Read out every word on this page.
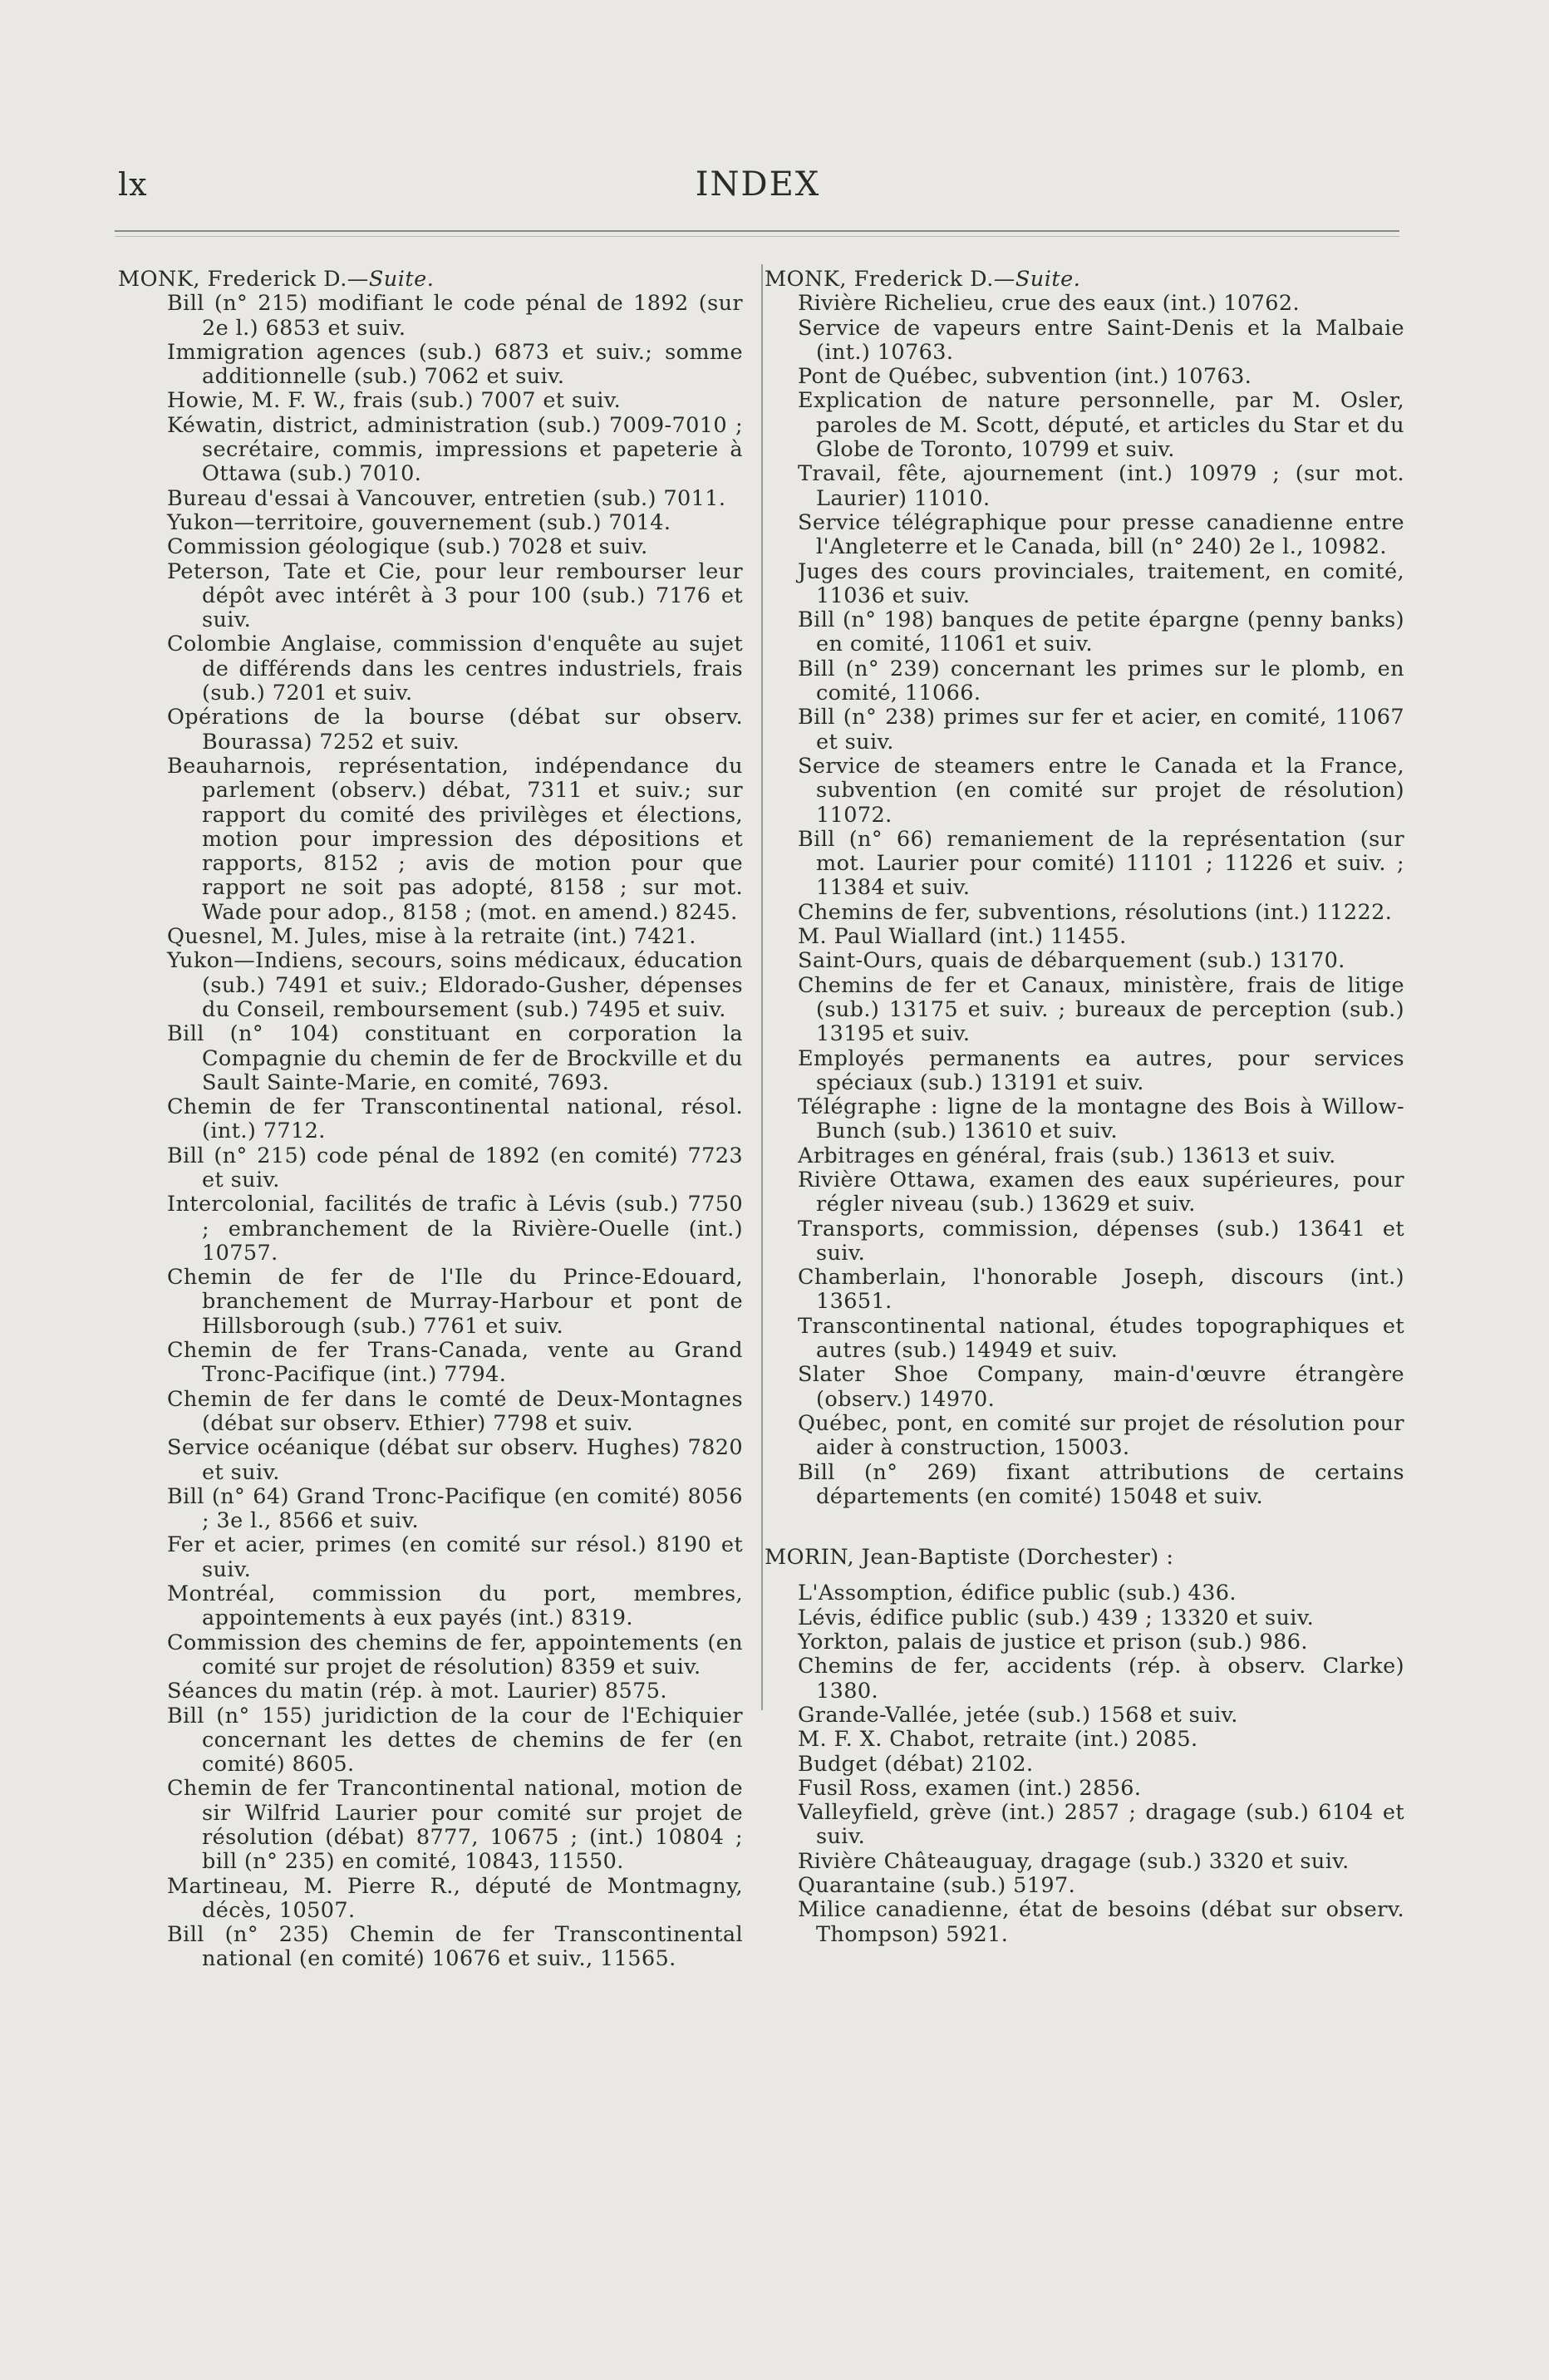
lx	INDEX

MONK, Frederick D.—Suite.

Bill (n° 215) modifiant le code pénal de 1892 (sur 2e l.) 6853 et suiv.
Immigration agences (sub.) 6873 et suiv.; somme additionnelle (sub.) 7062 et suiv.
Howie, M. F. W., frais (sub.) 7007 et suiv.
Kéwatin, district, administration (sub.) 7009-7010 ; secrétaire, commis, impressions et papeterie à Ottawa (sub.) 7010.
Bureau d'essai à Vancouver, entretien (sub.) 7011.
Yukon—territoire, gouvernement (sub.) 7014.
Commission géologique (sub.) 7028 et suiv.
Peterson, Tate et Cie, pour leur rembourser leur dépôt avec intérêt à 3 pour 100 (sub.) 7176 et suiv.
Colombie Anglaise, commission d'enquête au sujet de différends dans les centres industriels, frais (sub.) 7201 et suiv.
Opérations de la bourse (débat sur observ. Bourassa) 7252 et suiv.
Beauharnois, représentation, indépendance du parlement (observ.) débat, 7311 et suiv.; sur rapport du comité des privilèges et élections, motion pour impression des dépositions et rapports, 8152 ; avis de motion pour que rapport ne soit pas adopté, 8158 ; sur mot. Wade pour adop., 8158 ; (mot. en amend.) 8245.
Quesnel, M. Jules, mise à la retraite (int.) 7421.
Yukon—Indiens, secours, soins médicaux, éducation (sub.) 7491 et suiv.; Eldorado-Gusher, dépenses du Conseil, remboursement (sub.) 7495 et suiv.
Bill (n° 104) constituant en corporation la Compagnie du chemin de fer de Brockville et du Sault Sainte-Marie, en comité, 7693.
Chemin de fer Transcontinental national, résol. (int.) 7712.
Bill (n° 215) code pénal de 1892 (en comité) 7723 et suiv.
Intercolonial, facilités de trafic à Lévis (sub.) 7750 ; embranchement de la Rivière-Ouelle (int.) 10757.
Chemin de fer de l'Ile du Prince-Edouard, branchement de Murray-Harbour et pont de Hillsborough (sub.) 7761 et suiv.
Chemin de fer Trans-Canada, vente au Grand Tronc-Pacifique (int.) 7794.
Chemin de fer dans le comté de Deux-Montagnes (débat sur observ. Ethier) 7798 et suiv.
Service océanique (débat sur observ. Hughes) 7820 et suiv.
Bill (n° 64) Grand Tronc-Pacifique (en comité) 8056 ; 3e l., 8566 et suiv.
Fer et acier, primes (en comité sur résol.) 8190 et suiv.
Montréal, commission du port, membres, appointements à eux payés (int.) 8319.
Commission des chemins de fer, appointements (en comité sur projet de résolution) 8359 et suiv.
Séances du matin (rép. à mot. Laurier) 8575.
Bill (n° 155) juridiction de la cour de l'Echiquier concernant les dettes de chemins de fer (en comité) 8605.
Chemin de fer Trancontinental national, motion de sir Wilfrid Laurier pour comité sur projet de résolution (débat) 8777, 10675 ; (int.) 10804 ; bill (n° 235) en comité, 10843, 11550.
Martineau, M. Pierre R., député de Montmagny, décès, 10507.
Bill (n° 235) Chemin de fer Transcontinental national (en comité) 10676 et suiv., 11565.

MONK, Frederick D.—Suite.

Rivière Richelieu, crue des eaux (int.) 10762.
Service de vapeurs entre Saint-Denis et la Malbaie (int.) 10763.
Pont de Québec, subvention (int.) 10763.
Explication de nature personnelle, par M. Osler, paroles de M. Scott, député, et articles du Star et du Globe de Toronto, 10799 et suiv.
Travail, fête, ajournement (int.) 10979 ; (sur mot. Laurier) 11010.
Service télégraphique pour presse canadienne entre l'Angleterre et le Canada, bill (n° 240) 2e l., 10982.
Juges des cours provinciales, traitement, en comité, 11036 et suiv.
Bill (n° 198) banques de petite épargne (penny banks) en comité, 11061 et suiv.
Bill (n° 239) concernant les primes sur le plomb, en comité, 11066.
Bill (n° 238) primes sur fer et acier, en comité, 11067 et suiv.
Service de steamers entre le Canada et la France, subvention (en comité sur projet de résolution) 11072.
Bill (n° 66) remaniement de la représentation (sur mot. Laurier pour comité) 11101 ; 11226 et suiv. ; 11384 et suiv.
Chemins de fer, subventions, résolutions (int.) 11222.
M. Paul Wiallard (int.) 11455.
Saint-Ours, quais de débarquement (sub.) 13170.
Chemins de fer et Canaux, ministère, frais de litige (sub.) 13175 et suiv. ; bureaux de perception (sub.) 13195 et suiv.
Employés permanents ea autres, pour services spéciaux (sub.) 13191 et suiv.
Télégraphe : ligne de la montagne des Bois à Willow-Bunch (sub.) 13610 et suiv.
Arbitrages en général, frais (sub.) 13613 et suiv.
Rivière Ottawa, examen des eaux supérieures, pour régler niveau (sub.) 13629 et suiv.
Transports, commission, dépenses (sub.) 13641 et suiv.
Chamberlain, l'honorable Joseph, discours (int.) 13651.
Transcontinental national, études topographiques et autres (sub.) 14949 et suiv.
Slater Shoe Company, main-d'œuvre étrangère (observ.) 14970.
Québec, pont, en comité sur projet de résolution pour aider à construction, 15003.
Bill (n° 269) fixant attributions de certains départements (en comité) 15048 et suiv.

MORIN, Jean-Baptiste (Dorchester) :

L'Assomption, édifice public (sub.) 436.
Lévis, édifice public (sub.) 439 ; 13320 et suiv.
Yorkton, palais de justice et prison (sub.) 986.
Chemins de fer, accidents (rép. à observ. Clarke) 1380.
Grande-Vallée, jetée (sub.) 1568 et suiv.
M. F. X. Chabot, retraite (int.) 2085.
Budget (débat) 2102.
Fusil Ross, examen (int.) 2856.
Valleyfield, grève (int.) 2857 ; dragage (sub.) 6104 et suiv.
Rivière Châteauguay, dragage (sub.) 3320 et suiv.
Quarantaine (sub.) 5197.
Milice canadienne, état de besoins (débat sur observ. Thompson) 5921.
